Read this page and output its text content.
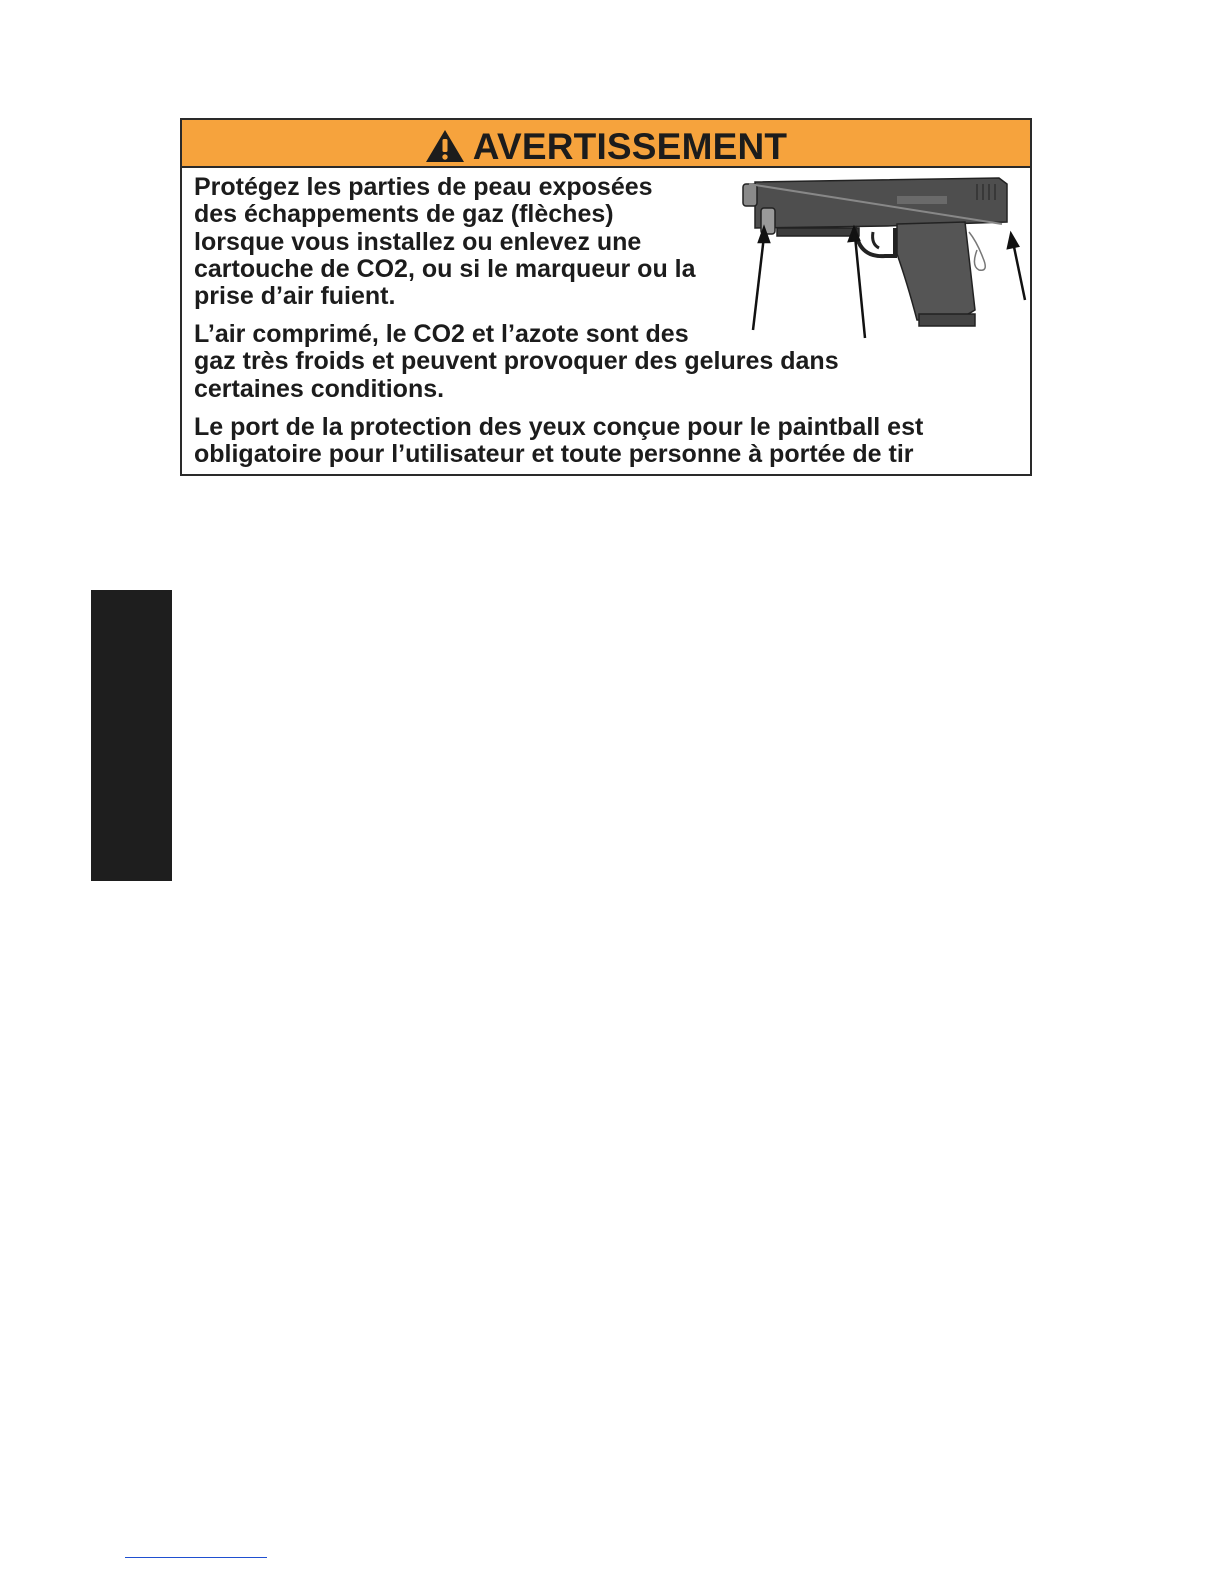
AVERTISSEMENT

Protégez les parties de peau exposées
des échappements de gaz (flèches)
lorsque vous installez ou enlevez une
cartouche de CO2, ou si le marqueur ou la
prise d’air fuient.

L’air comprimé, le CO2 et l’azote sont des
gaz très froids et peuvent provoquer des gelures dans
certaines conditions.

Le port de la protection des yeux conçue pour le paintball est
obligatoire pour l’utilisateur et toute personne à portée de tir
